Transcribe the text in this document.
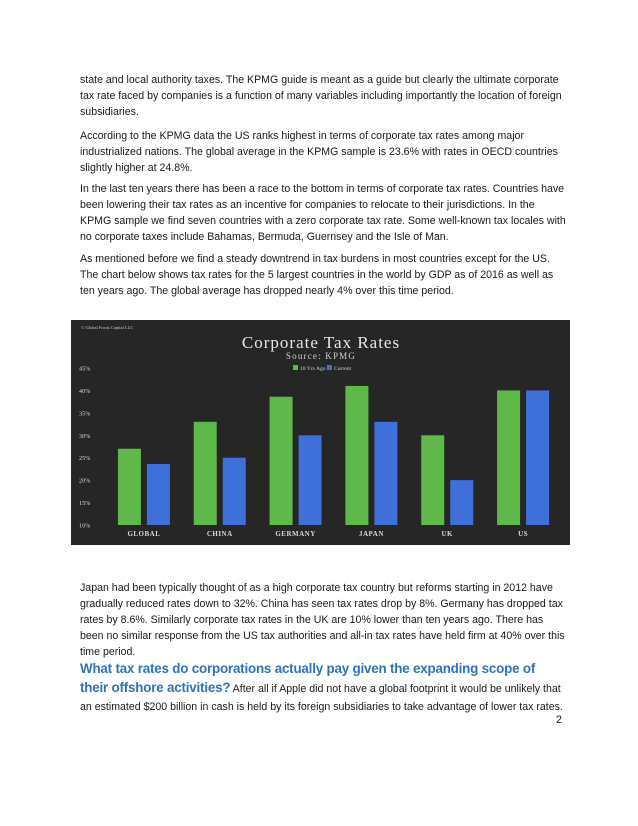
state and local authority taxes. The KPMG guide is meant as a guide but clearly the ultimate corporate tax rate faced by companies is a function of many variables including importantly the location of foreign subsidiaries.

According to the KPMG data the US ranks highest in terms of corporate tax rates among major industrialized nations. The global average in the KPMG sample is 23.6% with rates in OECD countries slightly higher at 24.8%.

In the last ten years there has been a race to the bottom in terms of corporate tax rates. Countries have been lowering their tax rates as an incentive for companies to relocate to their jurisdictions. In the KPMG sample we find seven countries with a zero corporate tax rate. Some well-known tax locales with no corporate taxes include Bahamas, Bermuda, Guernsey and the Isle of Man.

As mentioned before we find a steady downtrend in tax burdens in most countries except for the US. The chart below shows tax rates for the 5 largest countries in the world by GDP as of 2016 as well as ten years ago. The global average has dropped nearly 4% over this time period.

© Global Focus Capital LLC
Corporate Tax Rates
Source: KPMG
10 Yrs Ago Current
10%
15%
20%
25%
30%
35%
40%
45%
GLOBAL	CHINA	GERMANY	JAPAN	UK	US

Japan had been typically thought of as a high corporate tax country but reforms starting in 2012 have gradually reduced rates down to 32%. China has seen tax rates drop by 8%. Germany has dropped tax rates by 8.6%. Similarly corporate tax rates in the UK are 10% lower than ten years ago. There has been no similar response from the US tax authorities and all-in tax rates have held firm at 40% over this time period.

What tax rates do corporations actually pay given the expanding scope of their offshore activities? After all if Apple did not have a global footprint it would be unlikely that an estimated $200 billion in cash is held by its foreign subsidiaries to take advantage of lower tax rates.

2
